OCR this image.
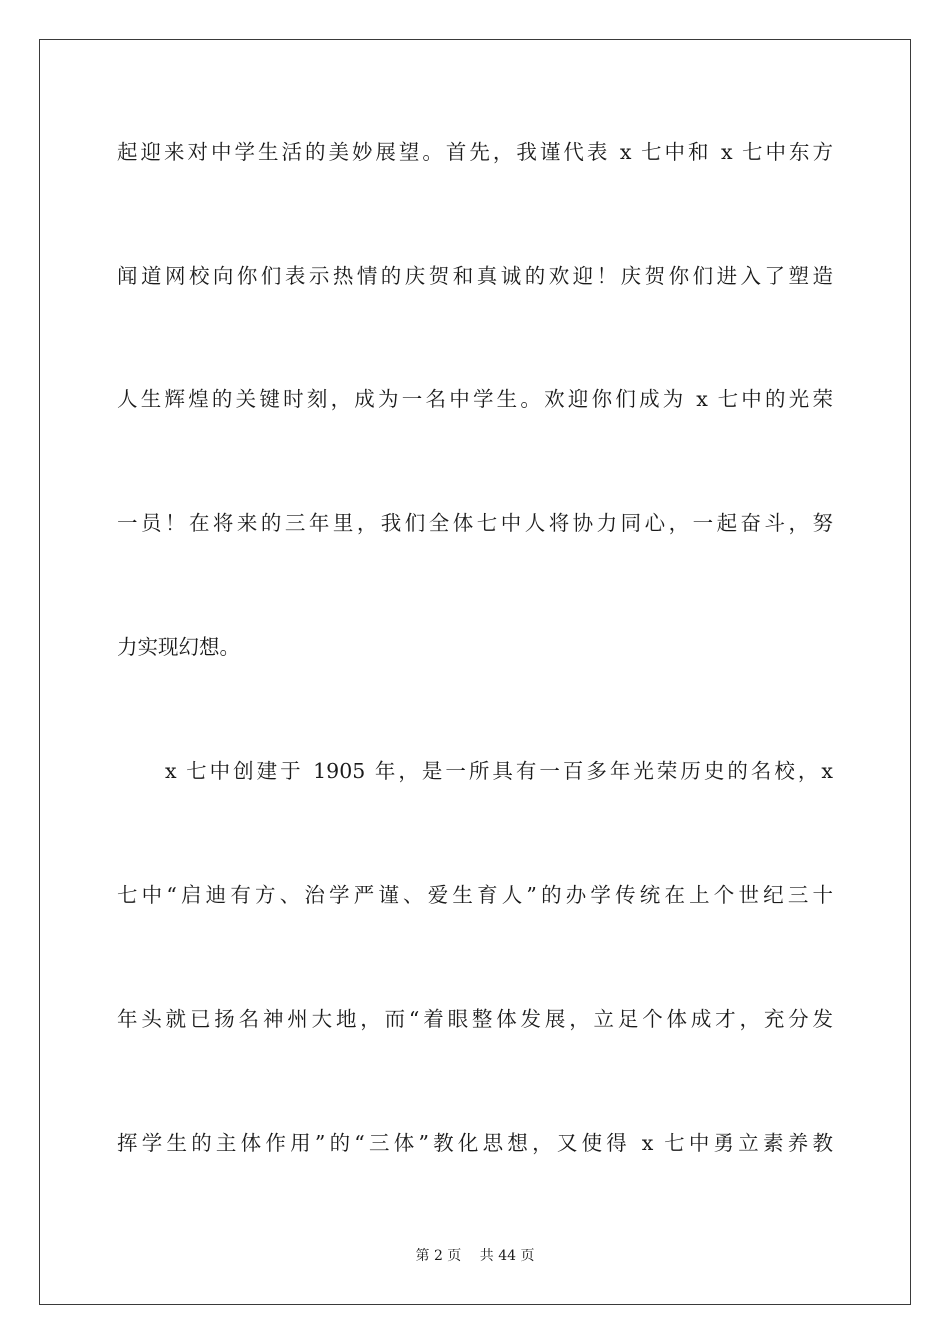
起迎来对中学生活的美妙展望。首先，我谨代表 x 七中和 x 七中东方
闻道网校向你们表示热情的庆贺和真诚的欢迎！庆贺你们进入了塑造
人生辉煌的关键时刻，成为一名中学生。欢迎你们成为 x 七中的光荣
一员！在将来的三年里，我们全体七中人将协力同心，一起奋斗，努
力实现幻想。
x 七中创建于 1905 年，是一所具有一百多年光荣历史的名校，x
七中“启迪有方、治学严谨、爱生育人”的办学传统在上个世纪三十
年头就已扬名神州大地，而“着眼整体发展，立足个体成才，充分发
挥学生的主体作用”的“三体”教化思想，又使得 x 七中勇立素养教
第 2 页 共 44 页
